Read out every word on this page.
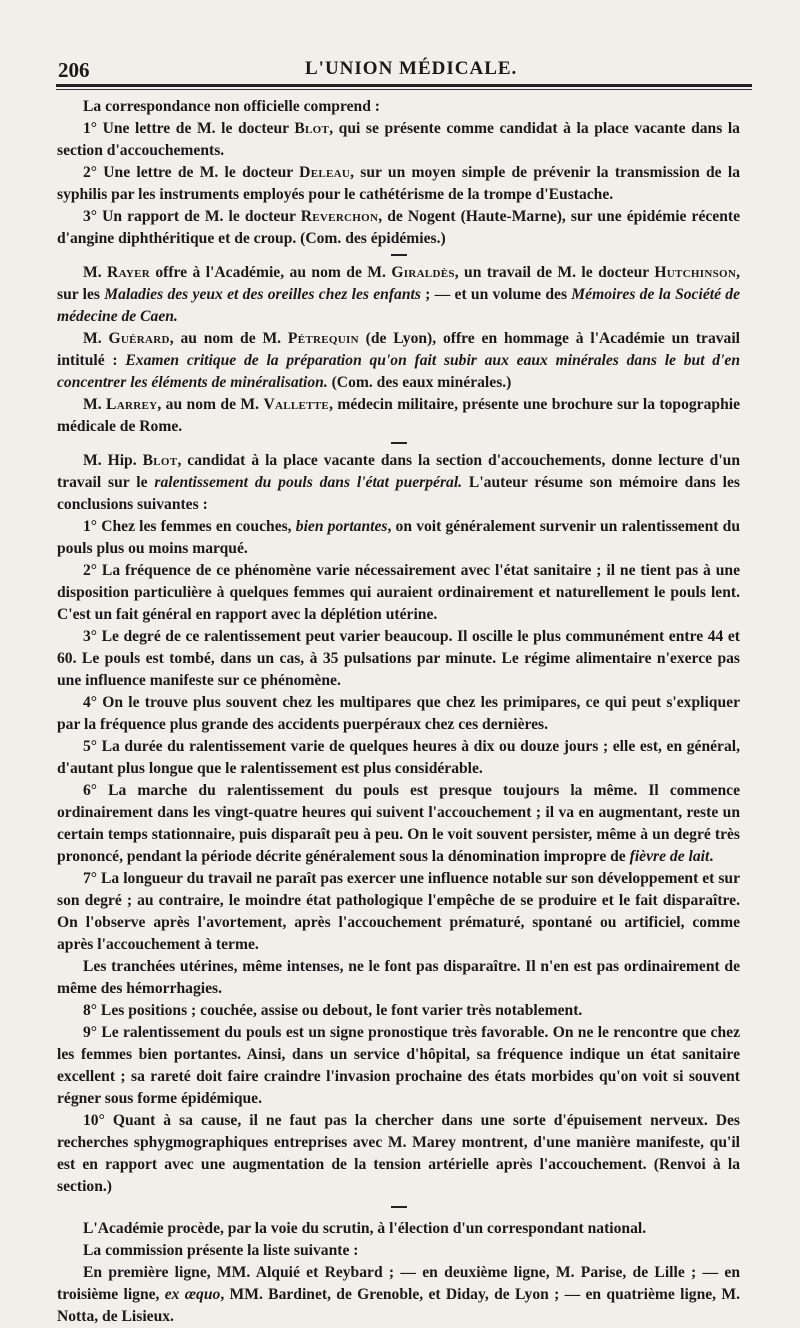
206	L'UNION MÉDICALE.

La correspondance non officielle comprend :

1° Une lettre de M. le docteur Blot, qui se présente comme candidat à la place vacante dans la section d'accouchements.

2° Une lettre de M. le docteur Deleau, sur un moyen simple de prévenir la transmission de la syphilis par les instruments employés pour le cathétérisme de la trompe d'Eustache.

3° Un rapport de M. le docteur Reverchon, de Nogent (Haute-Marne), sur une épidémie récente d'angine diphthéritique et de croup. (Com. des épidémies.)

M. Rayer offre à l'Académie, au nom de M. Giraldès, un travail de M. le docteur Hutchinson, sur les Maladies des yeux et des oreilles chez les enfants ; — et un volume des Mémoires de la Société de médecine de Caen.

M. Guérard, au nom de M. Pétrequin (de Lyon), offre en hommage à l'Académie un travail intitulé : Examen critique de la préparation qu'on fait subir aux eaux minérales dans le but d'en concentrer les éléments de minéralisation. (Com. des eaux minérales.)

M. Larrey, au nom de M. Vallette, médecin militaire, présente une brochure sur la topographie médicale de Rome.

M. Hip. Blot, candidat à la place vacante dans la section d'accouchements, donne lecture d'un travail sur le ralentissement du pouls dans l'état puerpéral. L'auteur résume son mémoire dans les conclusions suivantes :

1° Chez les femmes en couches, bien portantes, on voit généralement survenir un ralentissement du pouls plus ou moins marqué.

2° La fréquence de ce phénomène varie nécessairement avec l'état sanitaire ; il ne tient pas à une disposition particulière à quelques femmes qui auraient ordinairement et naturellement le pouls lent. C'est un fait général en rapport avec la déplétion utérine.

3° Le degré de ce ralentissement peut varier beaucoup. Il oscille le plus communément entre 44 et 60. Le pouls est tombé, dans un cas, à 35 pulsations par minute. Le régime alimentaire n'exerce pas une influence manifeste sur ce phénomène.

4° On le trouve plus souvent chez les multipares que chez les primipares, ce qui peut s'expliquer par la fréquence plus grande des accidents puerpéraux chez ces dernières.

5° La durée du ralentissement varie de quelques heures à dix ou douze jours ; elle est, en général, d'autant plus longue que le ralentissement est plus considérable.

6° La marche du ralentissement du pouls est presque toujours la même. Il commence ordinairement dans les vingt-quatre heures qui suivent l'accouchement ; il va en augmentant, reste un certain temps stationnaire, puis disparaît peu à peu. On le voit souvent persister, même à un degré très prononcé, pendant la période décrite généralement sous la dénomination impropre de fièvre de lait.

7° La longueur du travail ne paraît pas exercer une influence notable sur son développement et sur son degré ; au contraire, le moindre état pathologique l'empêche de se produire et le fait disparaître. On l'observe après l'avortement, après l'accouchement prématuré, spontané ou artificiel, comme après l'accouchement à terme.

Les tranchées utérines, même intenses, ne le font pas disparaître. Il n'en est pas ordinairement de même des hémorrhagies.

8° Les positions ; couchée, assise ou debout, le font varier très notablement.

9° Le ralentissement du pouls est un signe pronostique très favorable. On ne le rencontre que chez les femmes bien portantes. Ainsi, dans un service d'hôpital, sa fréquence indique un état sanitaire excellent ; sa rareté doit faire craindre l'invasion prochaine des états morbides qu'on voit si souvent régner sous forme épidémique.

10° Quant à sa cause, il ne faut pas la chercher dans une sorte d'épuisement nerveux. Des recherches sphygmographiques entreprises avec M. Marey montrent, d'une manière manifeste, qu'il est en rapport avec une augmentation de la tension artérielle après l'accouchement. (Renvoi à la section.)

L'Académie procède, par la voie du scrutin, à l'élection d'un correspondant national.

La commission présente la liste suivante :

En première ligne, MM. Alquié et Reybard ; — en deuxième ligne, M. Parise, de Lille ; — en troisième ligne, ex æquo, MM. Bardinet, de Grenoble, et Diday, de Lyon ; — en quatrième ligne, M. Notta, de Lisieux.
